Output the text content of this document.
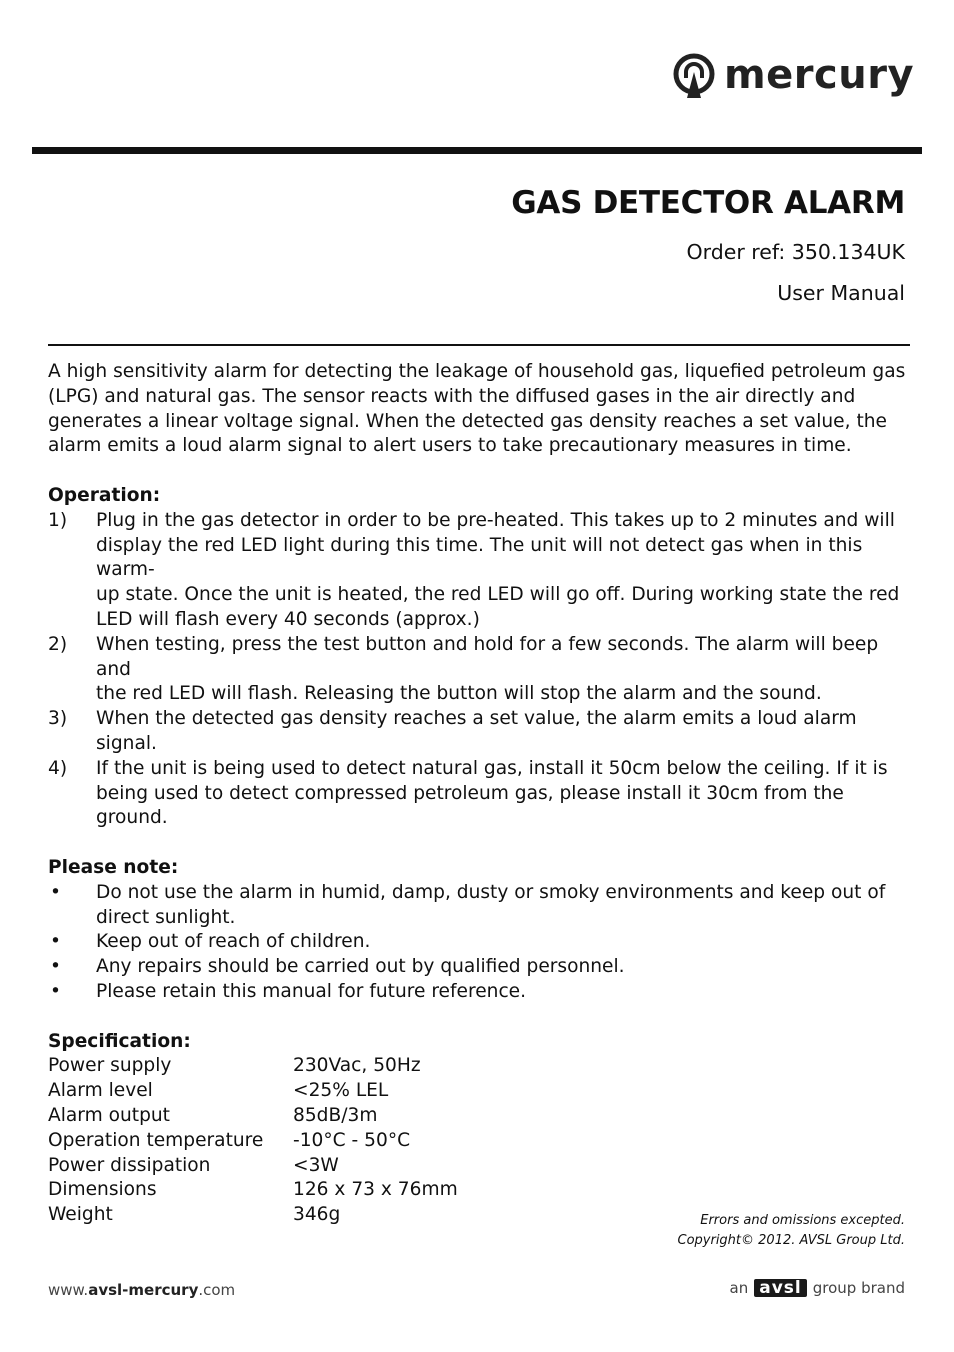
mercury
GAS DETECTOR ALARM
Order ref: 350.134UK
User Manual

A high sensitivity alarm for detecting the leakage of household gas, liquefied petroleum gas

(LPG) and natural gas. The sensor reacts with the diffused gases in the air directly and

generates a linear voltage signal. When the detected gas density reaches a set value, the

alarm emits a loud alarm signal to alert users to take precautionary measures in time.

Operation:

1)	Plug in the gas detector in order to be pre-heated. This takes up to 2 minutes and will

display the red LED light during this time. The unit will not detect gas when in this warm-

up state. Once the unit is heated, the red LED will go off. During working state the red

LED will flash every 40 seconds (approx.)

2)	When testing, press the test button and hold for a few seconds. The alarm will beep and

the red LED will flash. Releasing the button will stop the alarm and the sound.

3)	When the detected gas density reaches a set value, the alarm emits a loud alarm signal.

4)	If the unit is being used to detect natural gas, install it 50cm below the ceiling. If it is

being used to detect compressed petroleum gas, please install it 30cm from the ground.

Please note:

•	Do not use the alarm in humid, damp, dusty or smoky environments and keep out of

direct sunlight.

•	Keep out of reach of children.

•	Any repairs should be carried out by qualified personnel.

•	Please retain this manual for future reference.

Specification:

Power supply	230Vac, 50Hz
Alarm level	<25% LEL
Alarm output	85dB/3m
Operation temperature	-10°C - 50°C
Power dissipation	<3W
Dimensions	126 x 73 x 76mm
Weight	346g	Errors and omissions excepted.
Copyright© 2012. AVSL Group Ltd.
www.avsl-mercury.com	an avsl group brand
